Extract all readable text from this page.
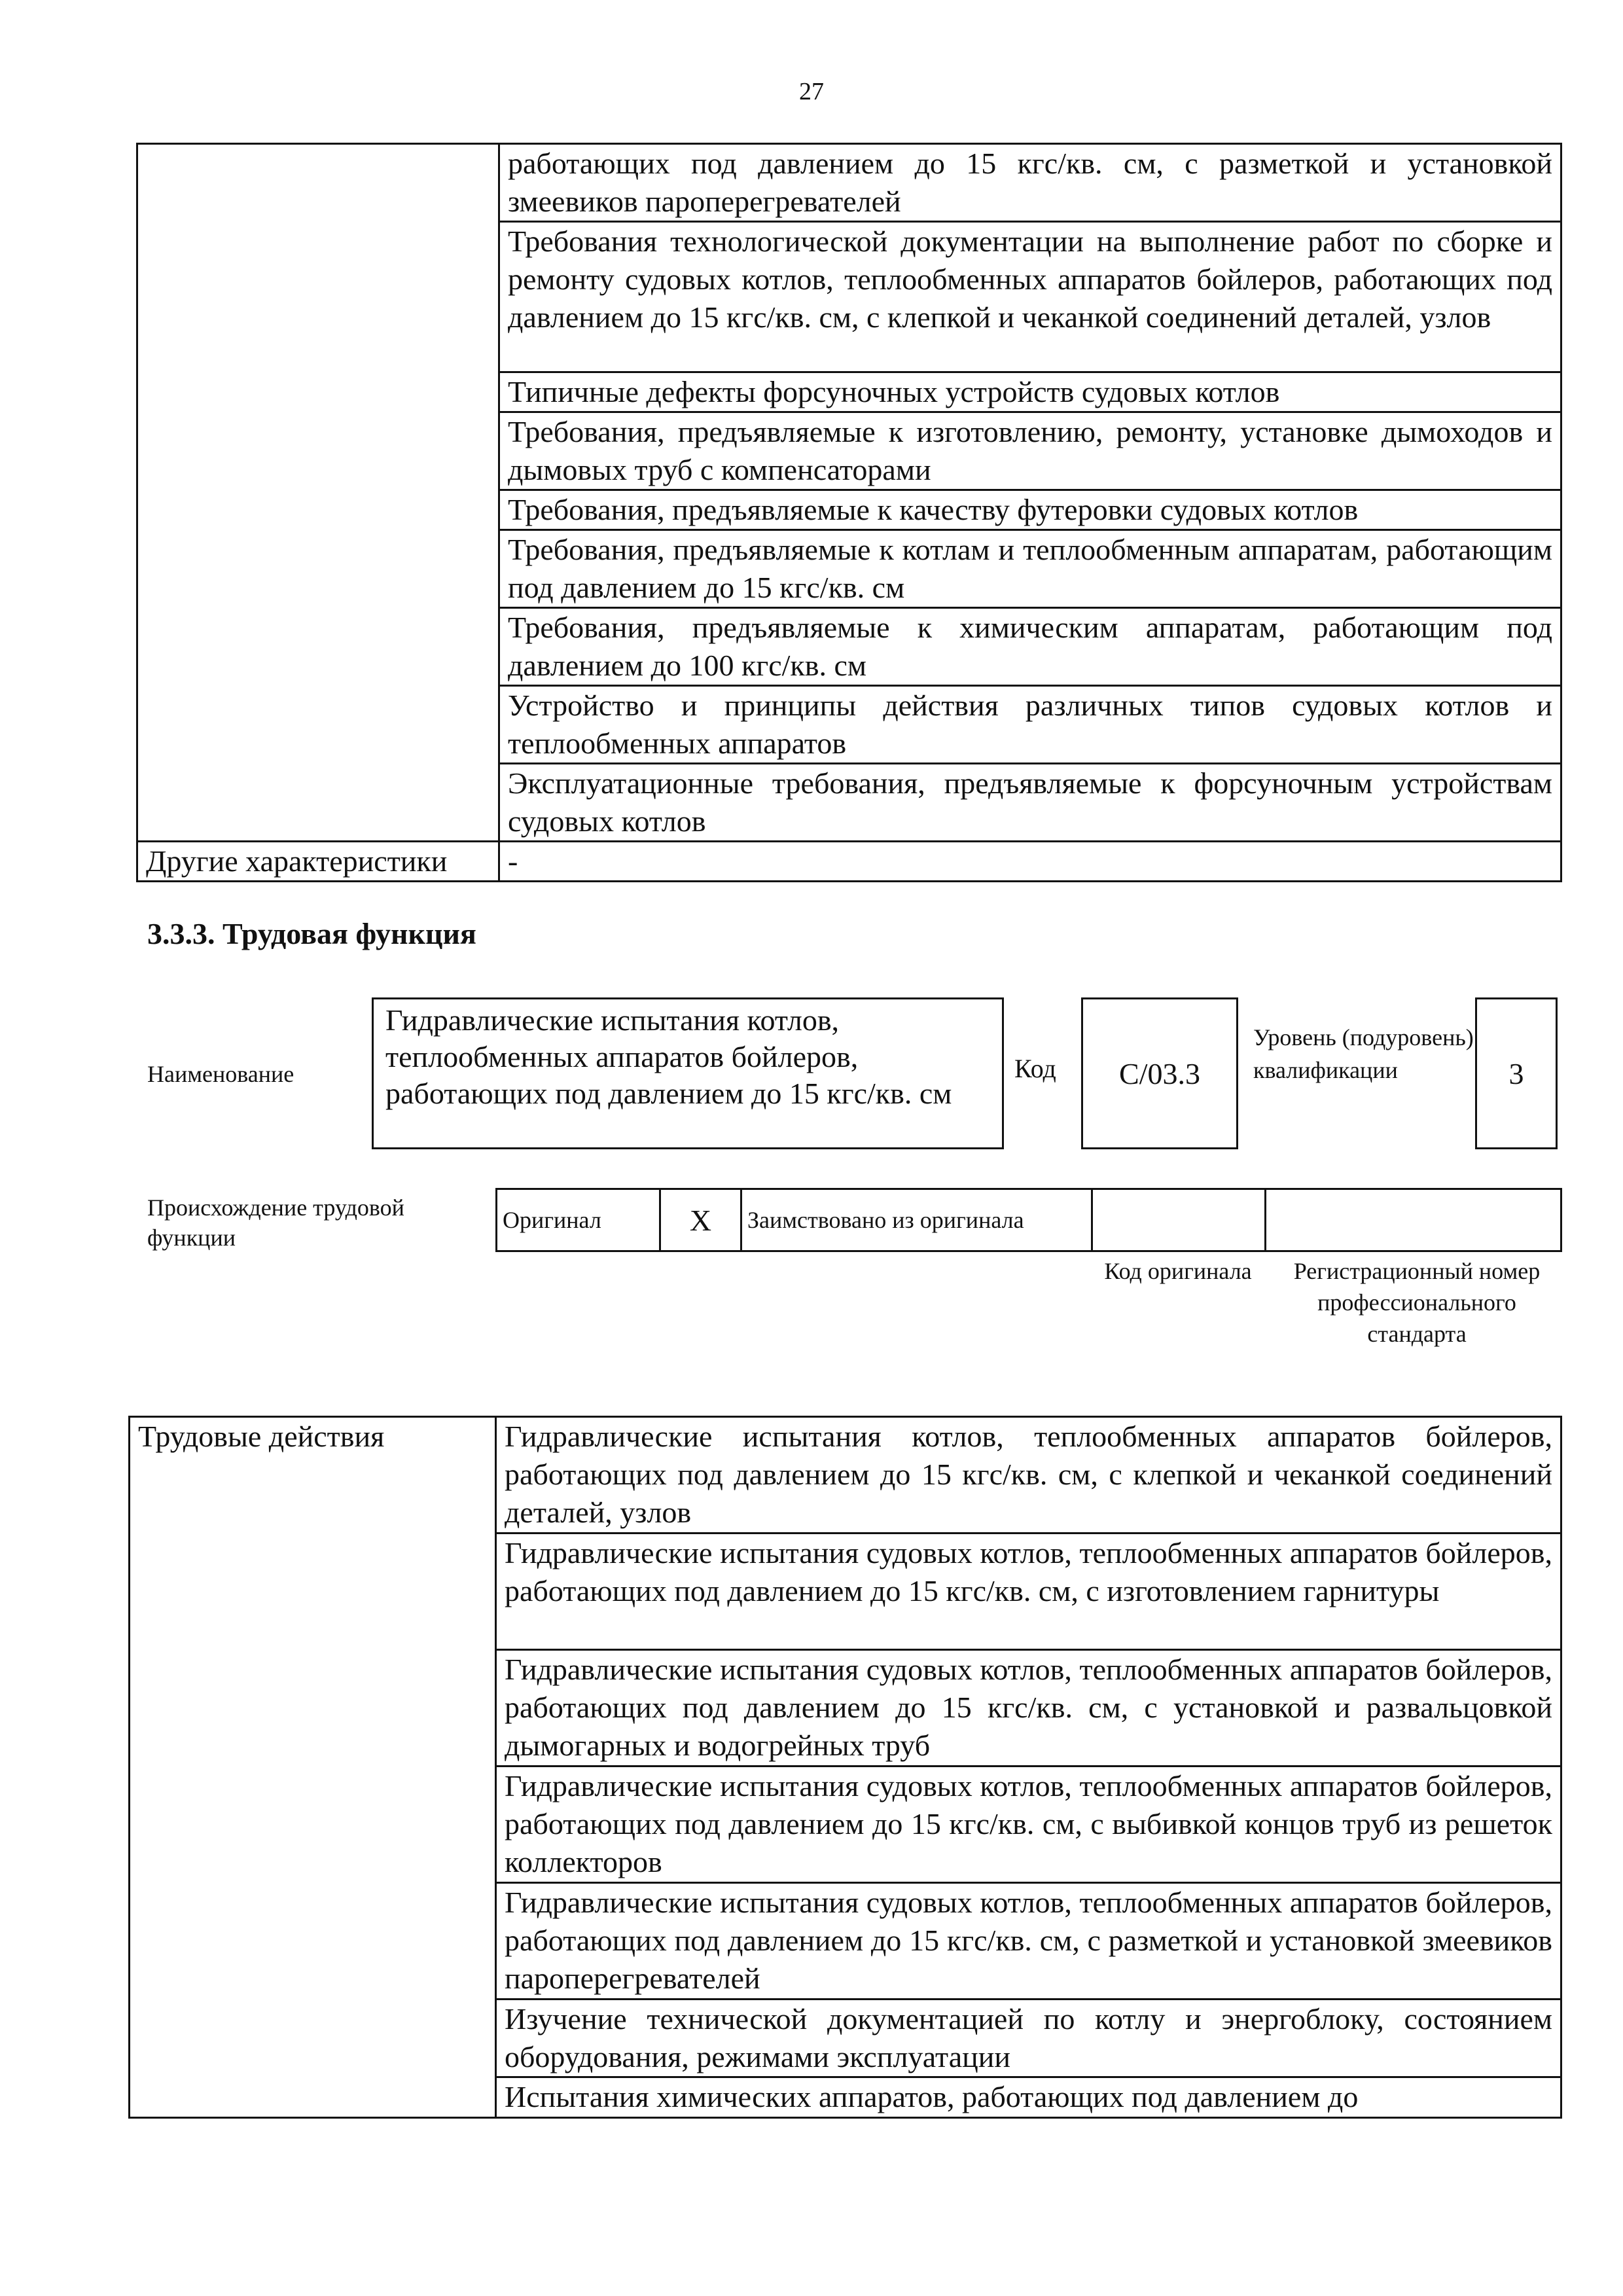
27
	работающих под давлением до 15 кгс/кв. см, с разметкой и установкой змеевиков пароперегревателей
	Требования технологической документации на выполнение работ по сборке и ремонту судовых котлов, теплообменных аппаратов бойлеров, работающих под давлением до 15 кгс/кв. см, с клепкой и чеканкой соединений деталей, узлов
	Типичные дефекты форсуночных устройств судовых котлов
	Требования, предъявляемые к изготовлению, ремонту, установке дымоходов и дымовых труб с компенсаторами
	Требования, предъявляемые к качеству футеровки судовых котлов
	Требования, предъявляемые к котлам и теплообменным аппаратам, работающим под давлением до 15 кгс/кв. см
	Требования, предъявляемые к химическим аппаратам, работающим под давлением до 100 кгс/кв. см
	Устройство и принципы действия различных типов судовых котлов и теплообменных аппаратов
	Эксплуатационные требования, предъявляемые к форсуночным устройствам судовых котлов
Другие характеристики	-
3.3.3. Трудовая функция
Наименование
Гидравлические испытания котлов, теплообменных аппаратов бойлеров, работающих под давлением до 15 кгс/кв. см
Код	С/03.3
Уровень (подуровень) квалификации	3
Происхождение трудовой функции
Оригинал	X	Заимствовано из оригинала		
Код оригинала	Регистрационный номер профессионального стандарта
Трудовые действия	Гидравлические испытания котлов, теплообменных аппаратов бойлеров, работающих под давлением до 15 кгс/кв. см, с клепкой и чеканкой соединений деталей, узлов
Гидравлические испытания судовых котлов, теплообменных аппаратов бойлеров, работающих под давлением до 15 кгс/кв. см, с изготовлением гарнитуры
Гидравлические испытания судовых котлов, теплообменных аппаратов бойлеров, работающих под давлением до 15 кгс/кв. см, с установкой и развальцовкой дымогарных и водогрейных труб
Гидравлические испытания судовых котлов, теплообменных аппаратов бойлеров, работающих под давлением до 15 кгс/кв. см, с выбивкой концов труб из решеток коллекторов
Гидравлические испытания судовых котлов, теплообменных аппаратов бойлеров, работающих под давлением до 15 кгс/кв. см, с разметкой и установкой змеевиков пароперегревателей
Изучение технической документацией по котлу и энергоблоку, состоянием оборудования, режимами эксплуатации
Испытания химических аппаратов, работающих под давлением до
